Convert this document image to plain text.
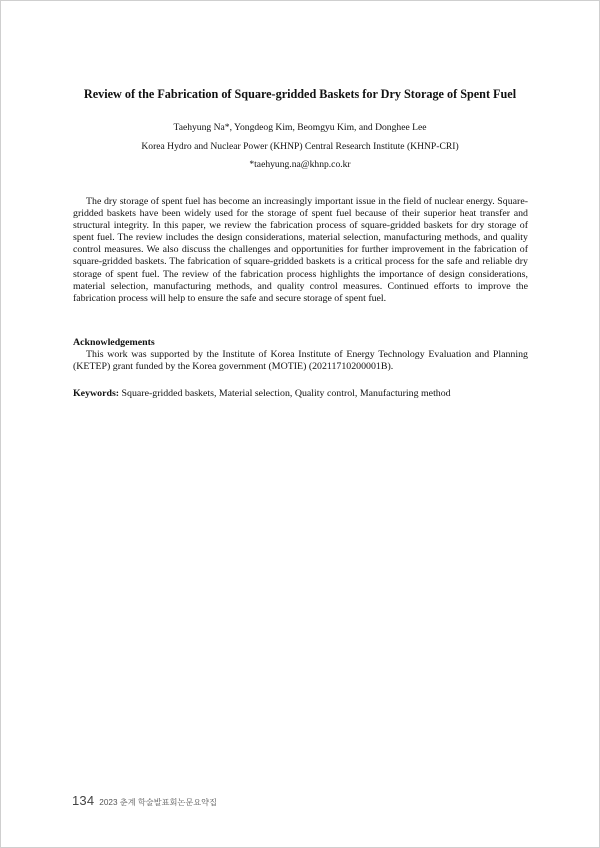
Review of the Fabrication of Square-gridded Baskets for Dry Storage of Spent Fuel

Taehyung Na*, Yongdeog Kim, Beomgyu Kim, and Donghee Lee

Korea Hydro and Nuclear Power (KHNP) Central Research Institute (KHNP-CRI)

*taehyung.na@khnp.co.kr

The dry storage of spent fuel has become an increasingly important issue in the field of nuclear energy. Square-gridded baskets have been widely used for the storage of spent fuel because of their superior heat transfer and structural integrity. In this paper, we review the fabrication process of square-gridded baskets for dry storage of spent fuel. The review includes the design considerations, material selection, manufacturing methods, and quality control measures. We also discuss the challenges and opportunities for further improvement in the fabrication of square-gridded baskets. The fabrication of square-gridded baskets is a critical process for the safe and reliable dry storage of spent fuel. The review of the fabrication process highlights the importance of design considerations, material selection, manufacturing methods, and quality control measures. Continued efforts to improve the fabrication process will help to ensure the safe and secure storage of spent fuel.

Acknowledgements

This work was supported by the Institute of Korea Institute of Energy Technology Evaluation and Planning (KETEP) grant funded by the Korea government (MOTIE) (20211710200001B).

Keywords: Square-gridded baskets, Material selection, Quality control, Manufacturing method

134 2023 춘계 학술발표회논문요약집
